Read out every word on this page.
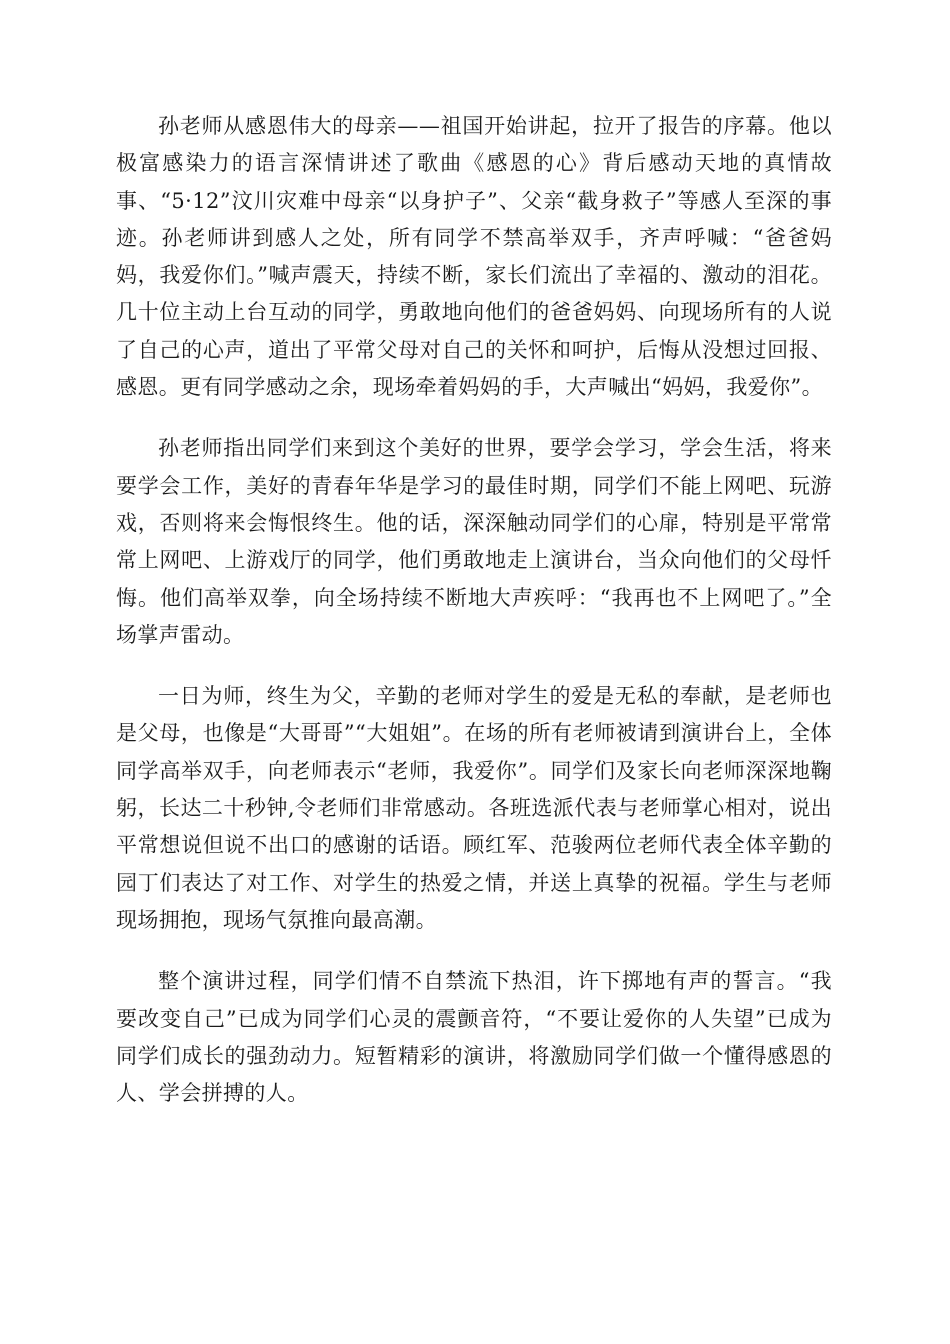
孙老师从感恩伟大的母亲——祖国开始讲起，拉开了报告的序幕。他以极富感染力的语言深情讲述了歌曲《感恩的心》背后感动天地的真情故事、“5·12”汶川灾难中母亲“以身护子”、父亲“截身救子”等感人至深的事迹。孙老师讲到感人之处，所有同学不禁高举双手，齐声呼喊：“爸爸妈妈，我爱你们。”喊声震天，持续不断，家长们流出了幸福的、激动的泪花。几十位主动上台互动的同学，勇敢地向他们的爸爸妈妈、向现场所有的人说了自己的心声，道出了平常父母对自己的关怀和呵护，后悔从没想过回报、感恩。更有同学感动之余，现场牵着妈妈的手，大声喊出“妈妈，我爱你”。

孙老师指出同学们来到这个美好的世界，要学会学习，学会生活，将来要学会工作，美好的青春年华是学习的最佳时期，同学们不能上网吧、玩游戏，否则将来会悔恨终生。他的话，深深触动同学们的心扉，特别是平常常常上网吧、上游戏厅的同学，他们勇敢地走上演讲台，当众向他们的父母忏悔。他们高举双拳，向全场持续不断地大声疾呼：“我再也不上网吧了。”全场掌声雷动。

一日为师，终生为父，辛勤的老师对学生的爱是无私的奉献，是老师也是父母，也像是“大哥哥”“大姐姐”。在场的所有老师被请到演讲台上，全体同学高举双手，向老师表示“老师，我爱你”。同学们及家长向老师深深地鞠躬，长达二十秒钟,令老师们非常感动。各班选派代表与老师掌心相对，说出平常想说但说不出口的感谢的话语。顾红军、范骏两位老师代表全体辛勤的园丁们表达了对工作、对学生的热爱之情，并送上真挚的祝福。学生与老师现场拥抱，现场气氛推向最高潮。

整个演讲过程，同学们情不自禁流下热泪，许下掷地有声的誓言。“我要改变自己”已成为同学们心灵的震颤音符，“不要让爱你的人失望”已成为同学们成长的强劲动力。短暂精彩的演讲，将激励同学们做一个懂得感恩的人、学会拼搏的人。
